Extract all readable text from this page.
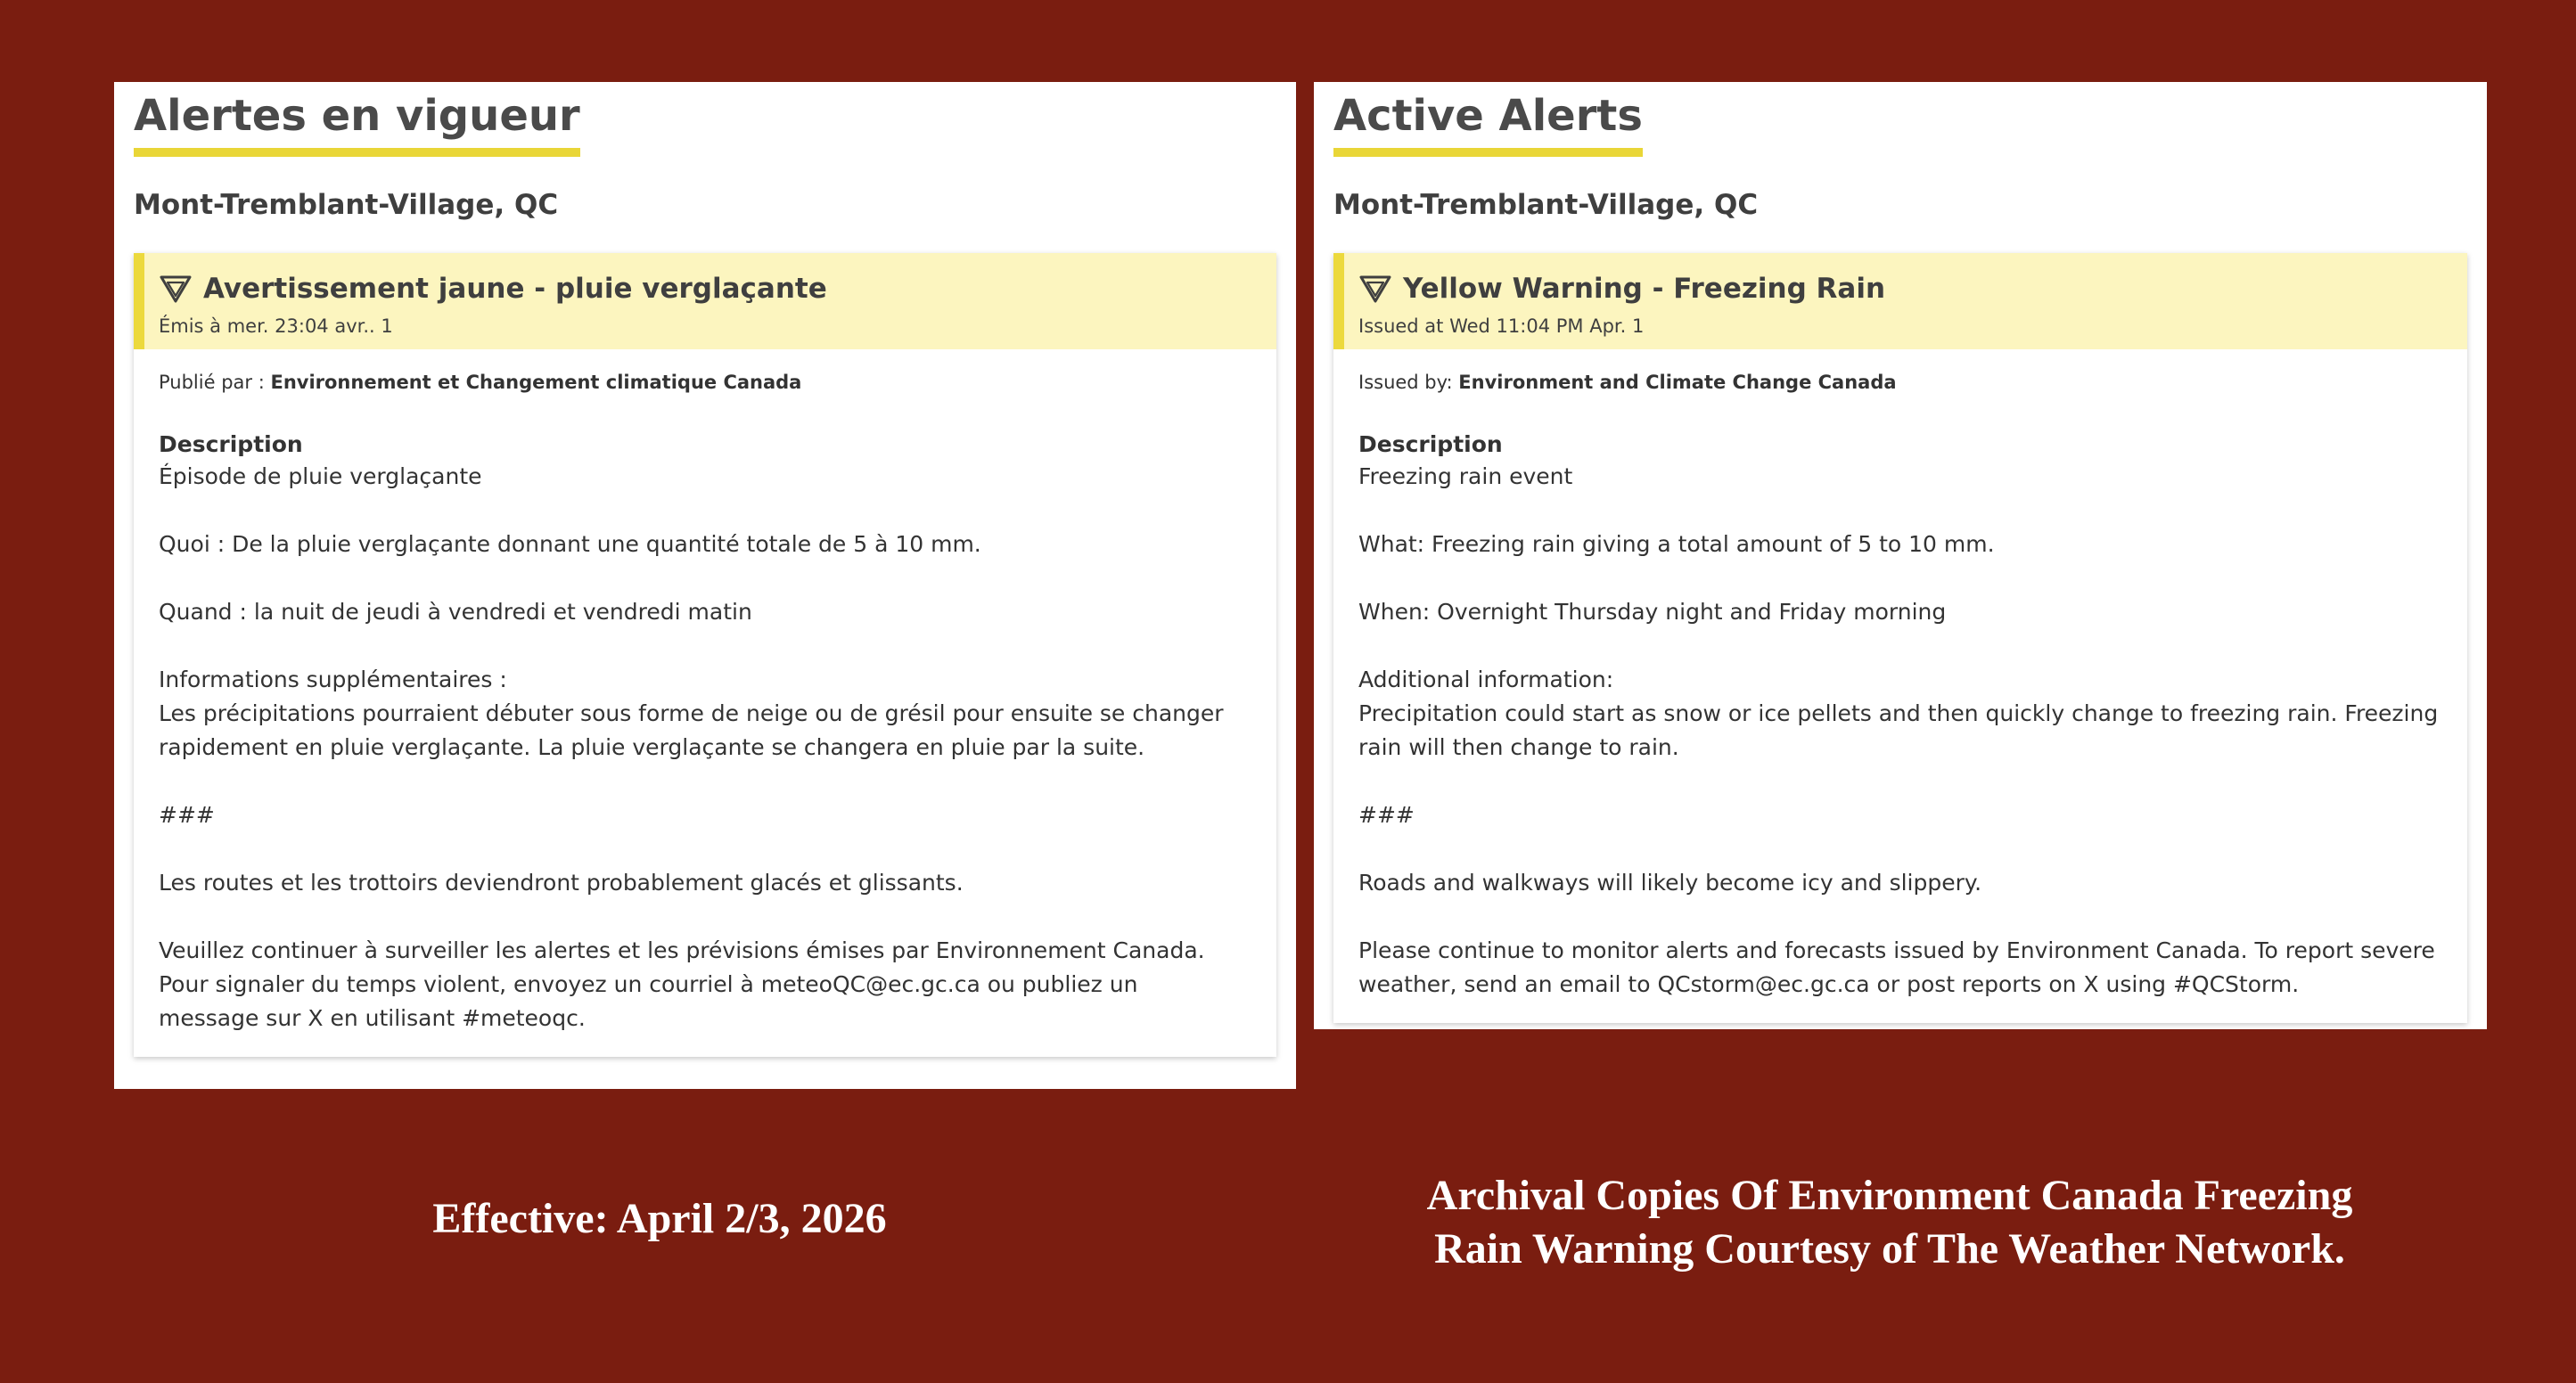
Alertes en vigueur
Mont-Tremblant-Village, QC
Avertissement jaune - pluie verglaçante
Émis à mer. 23:04 avr.. 1
Publié par : Environnement et Changement climatique Canada
Description

Épisode de pluie verglaçante

Quoi : De la pluie verglaçante donnant une quantité totale de 5 à 10 mm.

Quand : la nuit de jeudi à vendredi et vendredi matin

Informations supplémentaires :

Les précipitations pourraient débuter sous forme de neige ou de grésil pour ensuite se changer

rapidement en pluie verglaçante. La pluie verglaçante se changera en pluie par la suite.

###

Les routes et les trottoirs deviendront probablement glacés et glissants.

Veuillez continuer à surveiller les alertes et les prévisions émises par Environnement Canada.

Pour signaler du temps violent, envoyez un courriel à meteoQC@ec.gc.ca ou publiez un

message sur X en utilisant #meteoqc.

Active Alerts
Mont-Tremblant-Village, QC
Yellow Warning - Freezing Rain
Issued at Wed 11:04 PM Apr. 1
Issued by: Environment and Climate Change Canada
Description

Freezing rain event

What: Freezing rain giving a total amount of 5 to 10 mm.

When: Overnight Thursday night and Friday morning

Additional information:

Precipitation could start as snow or ice pellets and then quickly change to freezing rain. Freezing

rain will then change to rain.

###

Roads and walkways will likely become icy and slippery.

Please continue to monitor alerts and forecasts issued by Environment Canada. To report severe

weather, send an email to QCstorm@ec.gc.ca or post reports on X using #QCStorm.

Effective: April 2/3, 2026	Archival Copies Of Environment Canada Freezing
Rain Warning Courtesy of The Weather Network.
